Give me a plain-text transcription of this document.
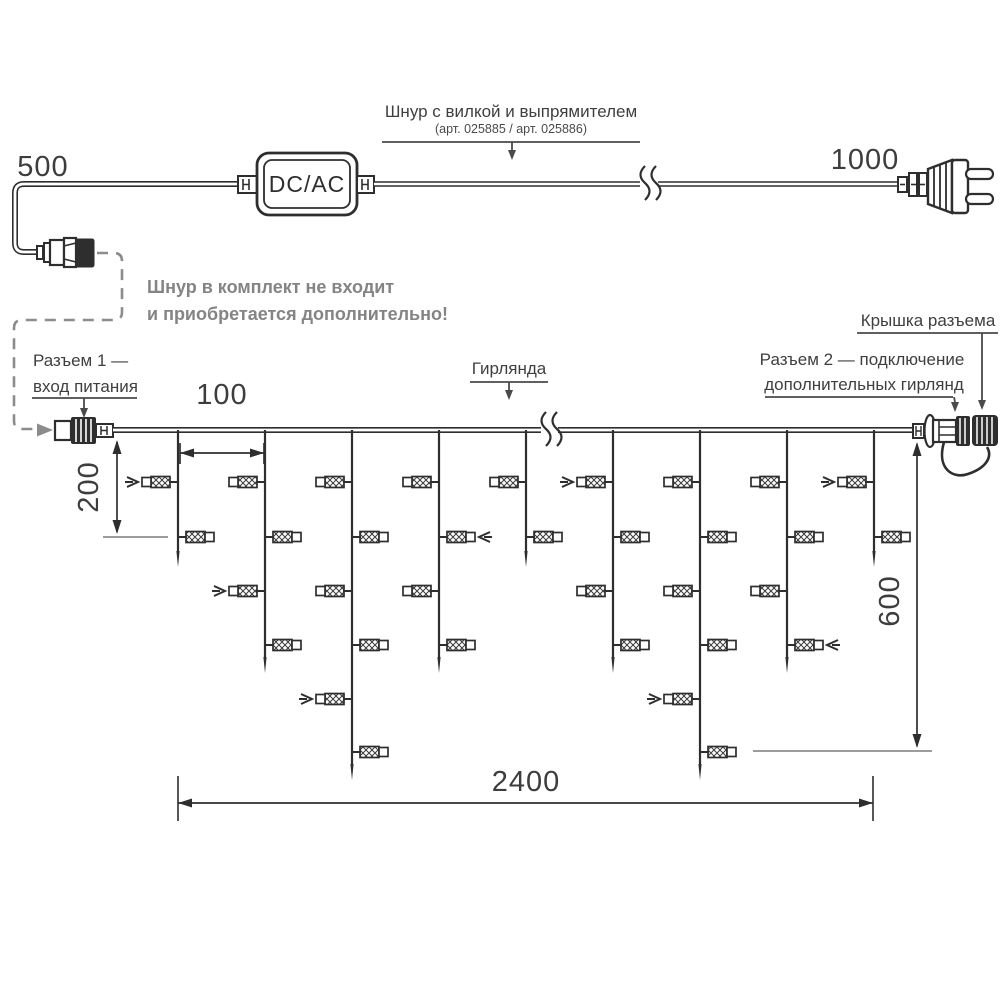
DC/AC
500	1000
Шнур с вилкой и выпрямителем
(арт. 025885 / арт. 025886)
Шнур в комплект не входит
и приобретается дополнительно!
Разъем 1 —
вход питания
Гирлянда	Разъем 2 — подключение
дополнительных гирлянд
Крышка разъема
100
200
600
2400
